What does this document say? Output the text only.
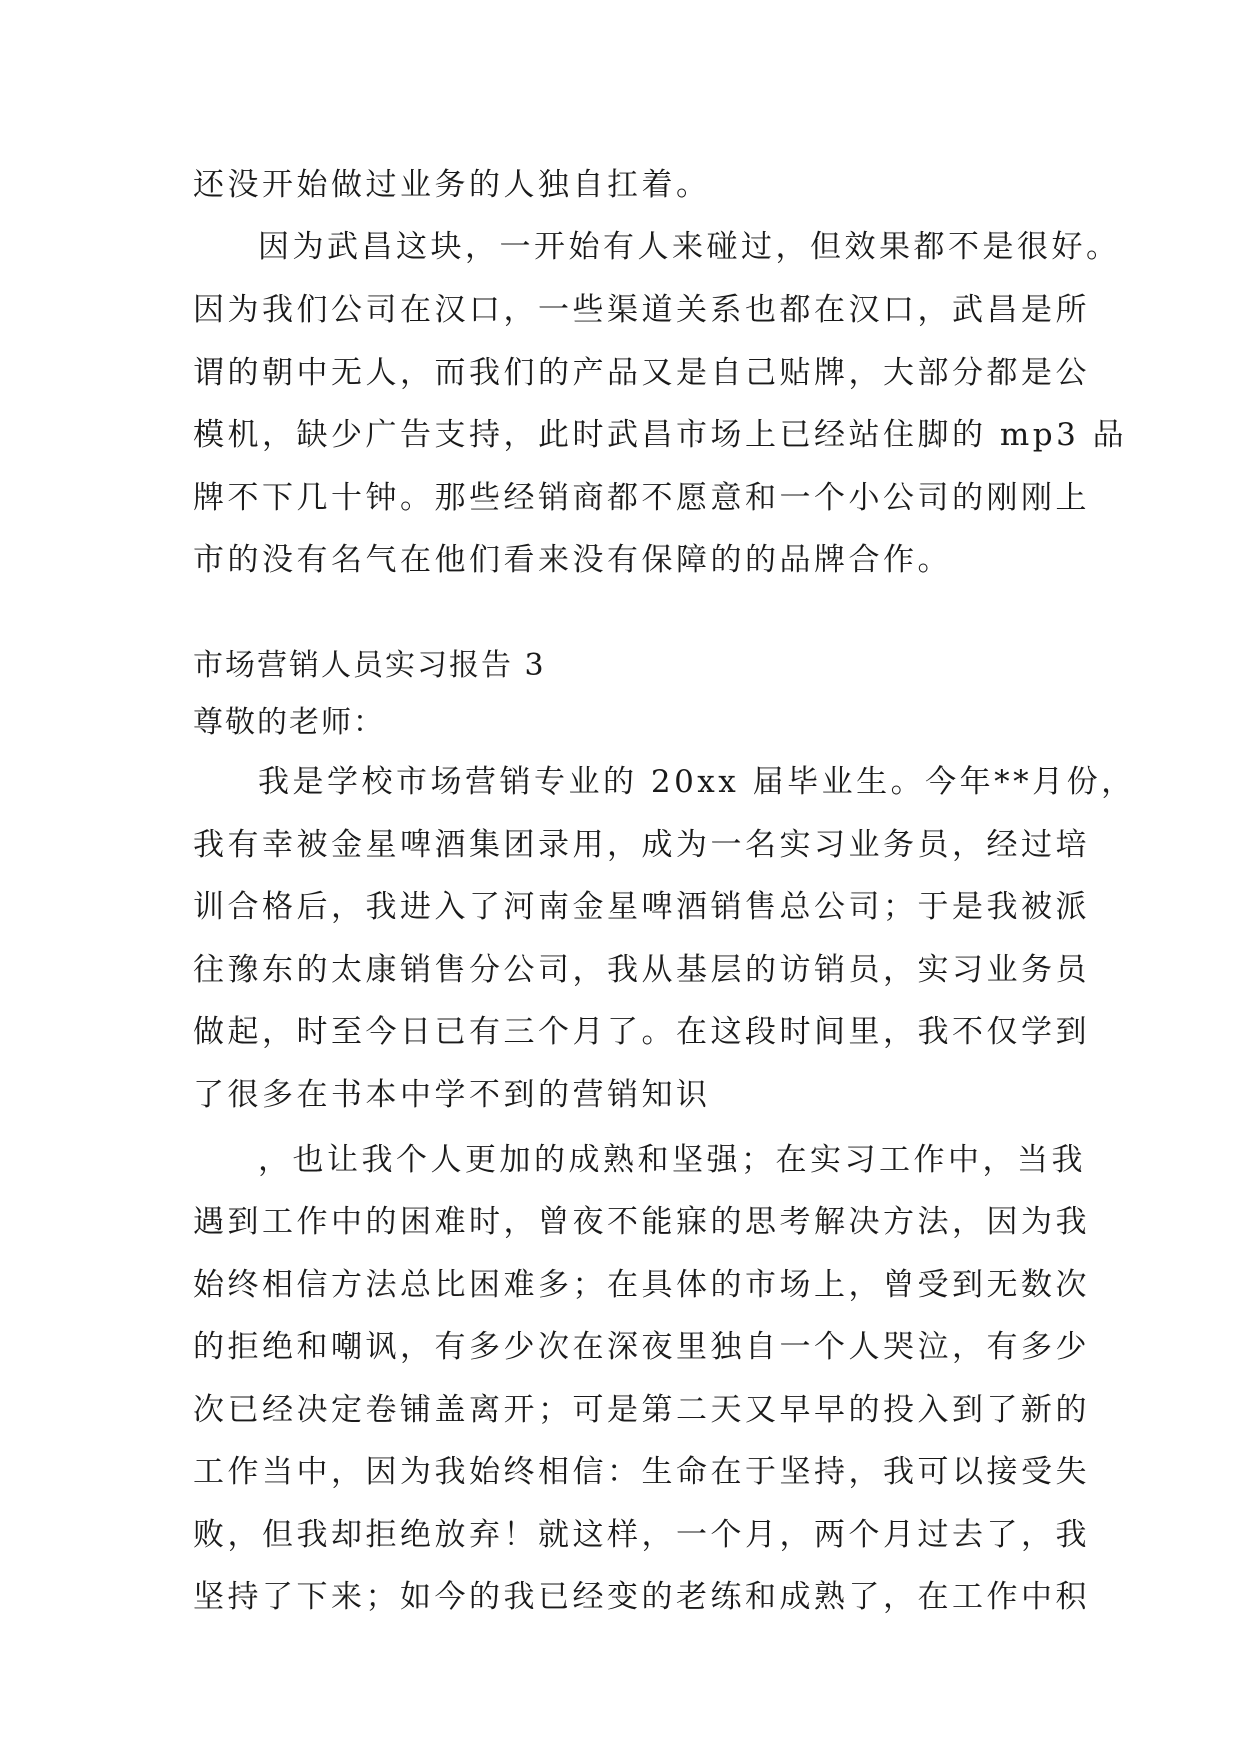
还没开始做过业务的人独自扛着。
因为武昌这块，一开始有人来碰过，但效果都不是很好。
因为我们公司在汉口，一些渠道关系也都在汉口，武昌是所
谓的朝中无人，而我们的产品又是自己贴牌，大部分都是公
模机，缺少广告支持，此时武昌市场上已经站住脚的 mp3 品
牌不下几十钟。那些经销商都不愿意和一个小公司的刚刚上
市的没有名气在他们看来没有保障的的品牌合作。
市场营销人员实习报告 3
尊敬的老师：
我是学校市场营销专业的 20xx 届毕业生。今年**月份，
我有幸被金星啤酒集团录用，成为一名实习业务员，经过培
训合格后，我进入了河南金星啤酒销售总公司；于是我被派
往豫东的太康销售分公司，我从基层的访销员，实习业务员
做起，时至今日已有三个月了。在这段时间里，我不仅学到
了很多在书本中学不到的营销知识
，也让我个人更加的成熟和坚强；在实习工作中，当我
遇到工作中的困难时，曾夜不能寐的思考解决方法，因为我
始终相信方法总比困难多；在具体的市场上，曾受到无数次
的拒绝和嘲讽，有多少次在深夜里独自一个人哭泣，有多少
次已经决定卷铺盖离开；可是第二天又早早的投入到了新的
工作当中，因为我始终相信：生命在于坚持，我可以接受失
败，但我却拒绝放弃！就这样，一个月，两个月过去了，我
坚持了下来；如今的我已经变的老练和成熟了，在工作中积
